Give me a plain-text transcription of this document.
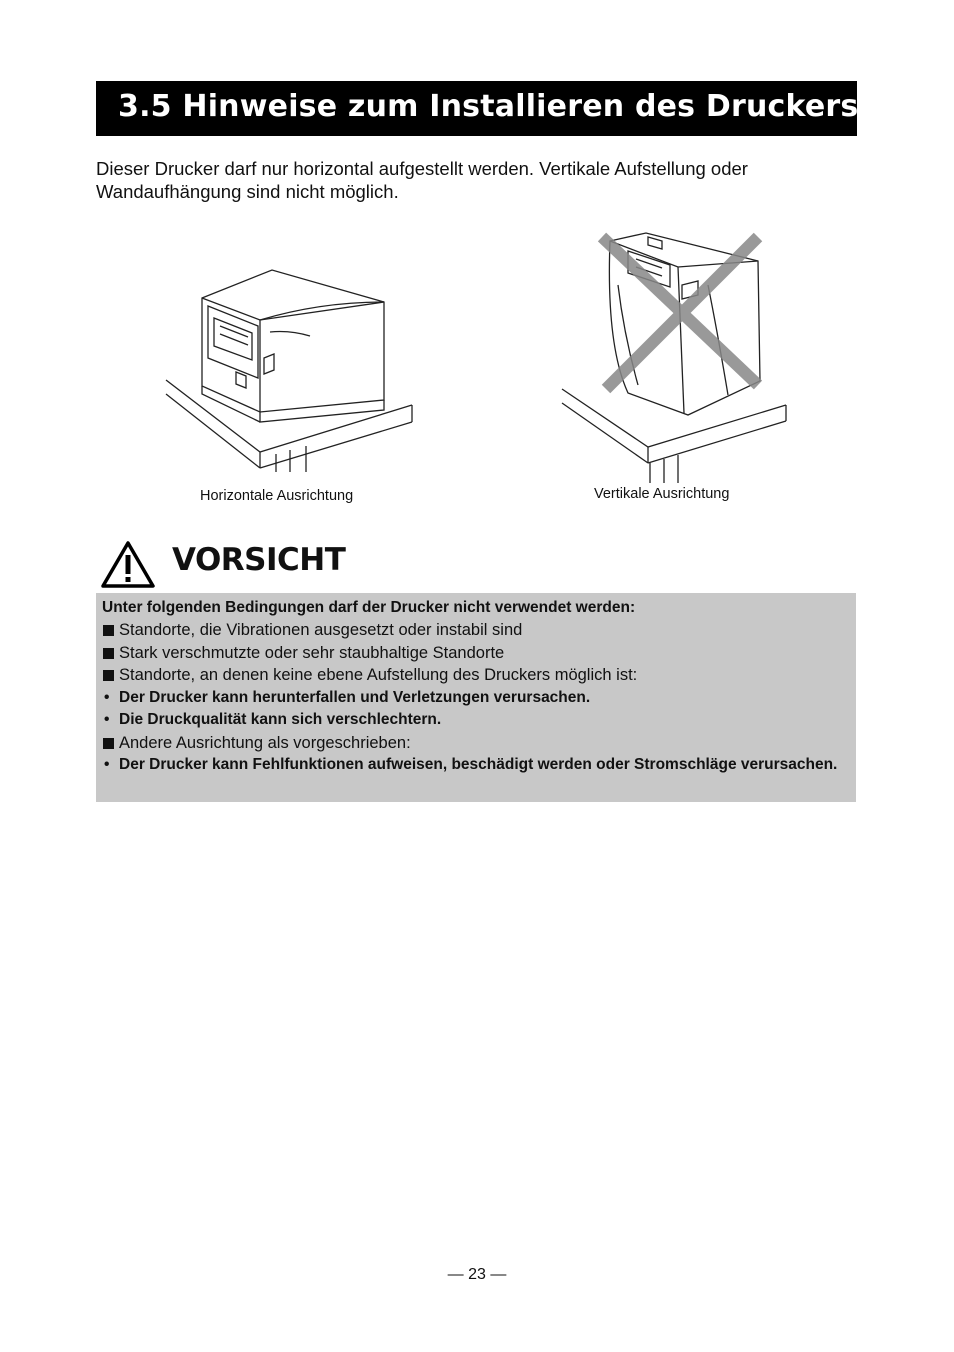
3.5 Hinweise zum Installieren des Druckers
Dieser Drucker darf nur horizontal aufgestellt werden. Vertikale Aufstellung oder Wandaufhängung sind nicht möglich.
Horizontale Ausrichtung	Vertikale Ausrichtung
VORSICHT
Unter folgenden Bedingungen darf der Drucker nicht verwendet werden:
Standorte, die Vibrationen ausgesetzt oder instabil sind
Stark verschmutzte oder sehr staubhaltige Standorte
Standorte, an denen keine ebene Aufstellung des Druckers möglich ist:
• Der Drucker kann herunterfallen und Verletzungen verursachen.
• Die Druckqualität kann sich verschlechtern.
Andere Ausrichtung als vorgeschrieben:
• Der Drucker kann Fehlfunktionen aufweisen, beschädigt werden oder Stromschläge verursachen.
— 23 —
